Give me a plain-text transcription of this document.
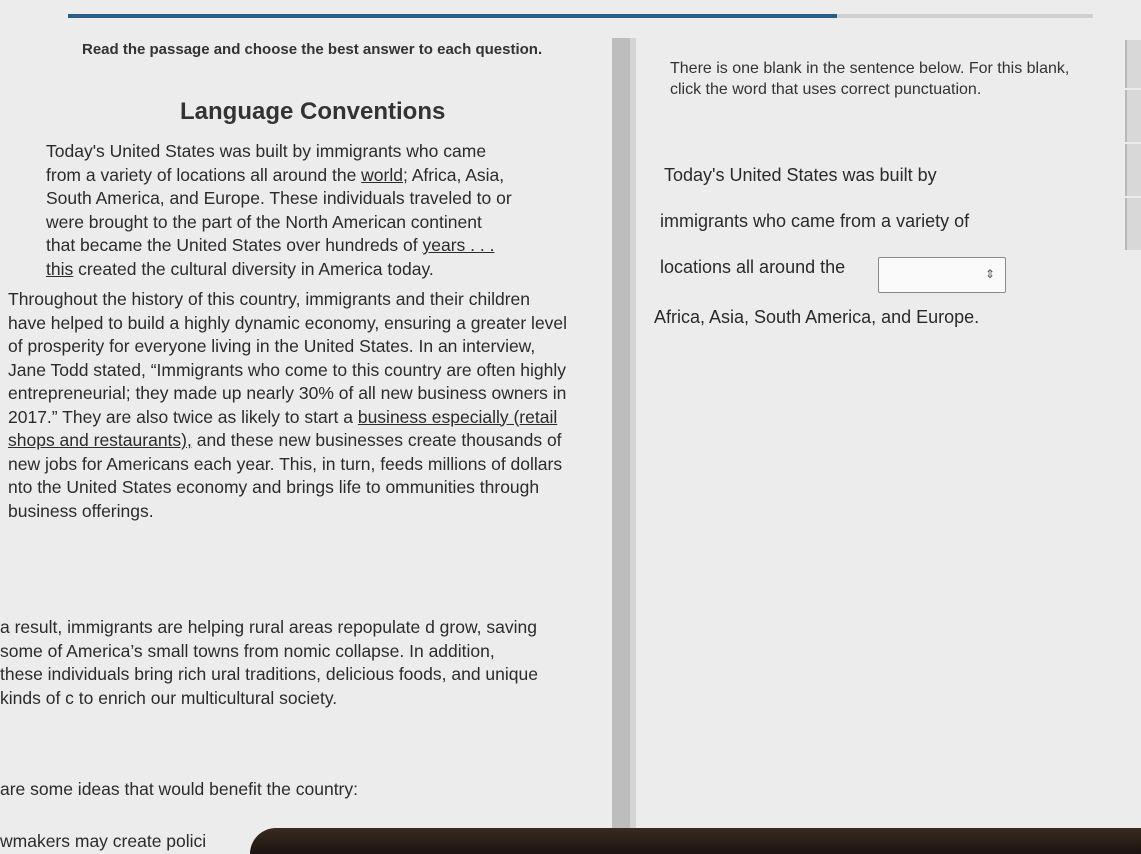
Read the passage and choose the best answer to each question.
Language Conventions
Today's United States was built by immigrants who came
from a variety of locations all around the world; Africa, Asia,
South America, and Europe. These individuals traveled to or
were brought to the part of the North American continent
that became the United States over hundreds of years . . .
this created the cultural diversity in America today.
Throughout the history of this country, immigrants and their children have helped to build a highly dynamic economy, ensuring a greater level of prosperity for everyone living in the United States. In an interview, Jane Todd stated, “Immigrants who come to this country are often highly entrepreneurial; they made up nearly 30% of all new business owners in 2017.” They are also twice as likely to start a business especially (retail shops and restaurants), and these new businesses create thousands of new jobs for Americans each year. This, in turn, feeds millions of dollars nto the United States economy and brings life to ommunities through business offerings.
a result, immigrants are helping rural areas repopulate d grow, saving some of America’s small towns from nomic collapse. In addition, these individuals bring rich ural traditions, delicious foods, and unique kinds of c to enrich our multicultural society.
are some ideas that would benefit the country:
wmakers may create polici
There is one blank in the sentence below. For this blank, click the word that uses correct punctuation.
Today's United States was built by
immigrants who came from a variety of
locations all around the
Africa, Asia, South America, and Europe.
⇕
